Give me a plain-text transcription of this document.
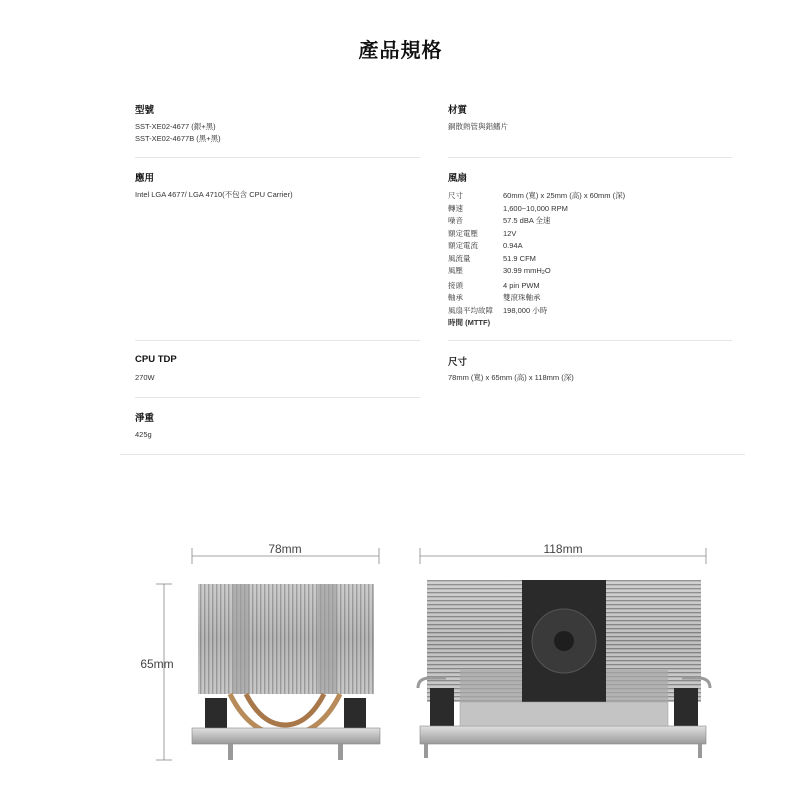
產品規格
型號
SST-XE02-4677 (銀+黑)
SST-XE02-4677B (黑+黑)
材質
銅散熱管與鋁鰭片
應用
Intel LGA 4677/ LGA 4710(不包含 CPU Carrier)
風扇
尺寸	60mm (寬) x 25mm (高) x 60mm (深)
轉速	1,600~10,000 RPM
噪音	57.5 dBA 全速
額定電壓	12V
額定電流	0.94A
風流量	51.9 CFM
風壓	30.99 mmH$_2$O
接頭	4 pin PWM
軸承	雙滾珠軸承
風扇平均故障	198,000 小時
時間 (MTTF)	
CPU TDP
270W
尺寸
78mm (寬) x 65mm (高) x 118mm (深)
淨重
425g
78mm
65mm
118mm
